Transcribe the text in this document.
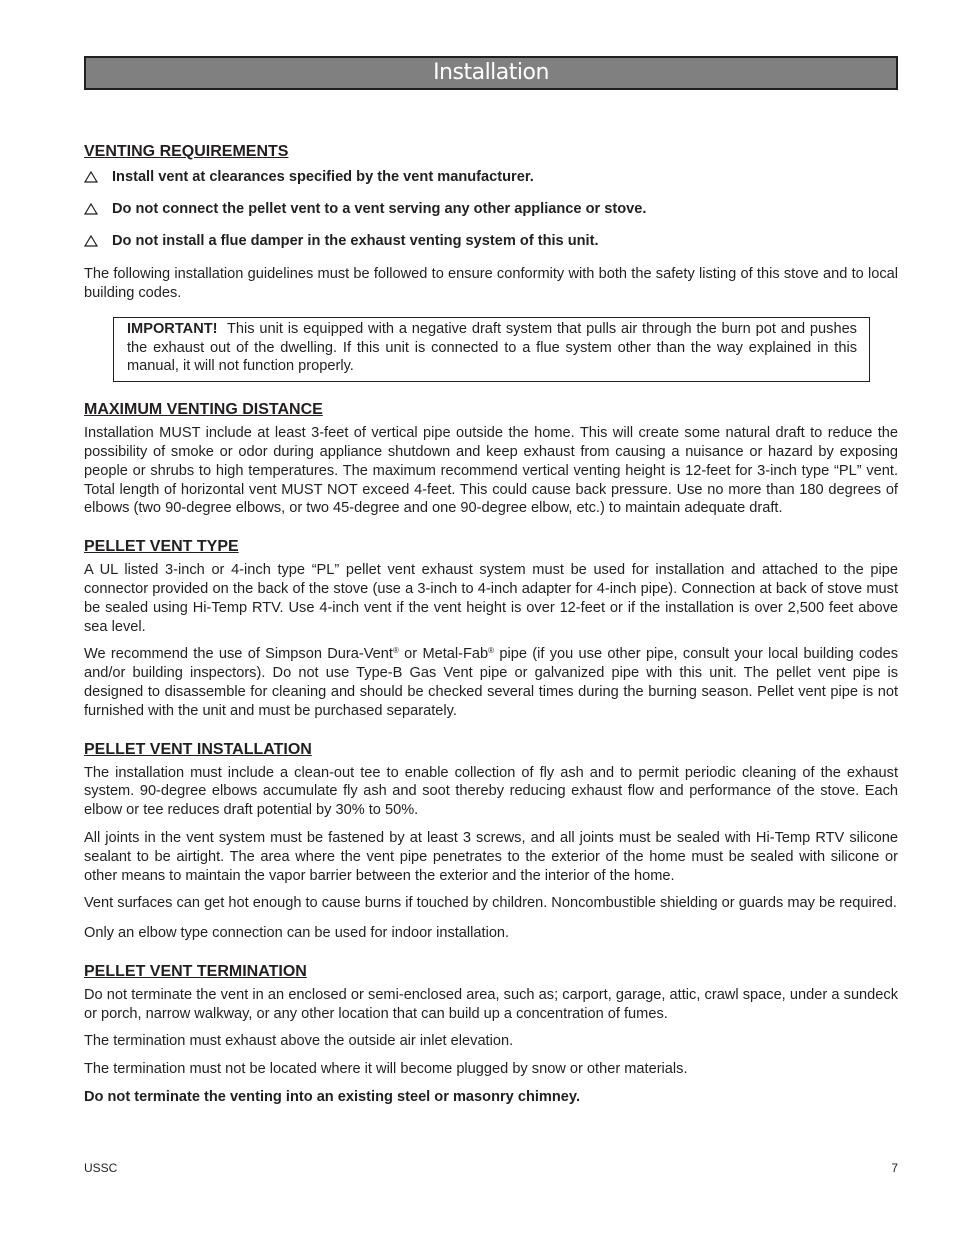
Installation
VENTING REQUIREMENTS
Install vent at clearances specified by the vent manufacturer.
Do not connect the pellet vent to a vent serving any other appliance or stove.
Do not install a flue damper in the exhaust venting system of this unit.

The following installation guidelines must be followed to ensure conformity with both the safety listing of this stove and to local building codes.

IMPORTANT! This unit is equipped with a negative draft system that pulls air through the burn pot and pushes the exhaust out of the dwelling. If this unit is connected to a flue system other than the way explained in this manual, it will not function properly.

MAXIMUM VENTING DISTANCE

Installation MUST include at least 3-feet of vertical pipe outside the home. This will create some natural draft to reduce the possibility of smoke or odor during appliance shutdown and keep exhaust from causing a nuisance or hazard by exposing people or shrubs to high temperatures. The maximum recommend vertical venting height is 12-feet for 3-inch type “PL” vent. Total length of horizontal vent MUST NOT exceed 4-feet. This could cause back pressure. Use no more than 180 degrees of elbows (two 90-degree elbows, or two 45-degree and one 90-degree elbow, etc.) to maintain adequate draft.

PELLET VENT TYPE

A UL listed 3-inch or 4-inch type “PL” pellet vent exhaust system must be used for installation and attached to the pipe connector provided on the back of the stove (use a 3-inch to 4-inch adapter for 4-inch pipe). Connection at back of stove must be sealed using Hi-Temp RTV. Use 4-inch vent if the vent height is over 12-feet or if the installation is over 2,500 feet above sea level.

We recommend the use of Simpson Dura-Vent® or Metal-Fab® pipe (if you use other pipe, consult your local building codes and/or building inspectors). Do not use Type-B Gas Vent pipe or galvanized pipe with this unit. The pellet vent pipe is designed to disassemble for cleaning and should be checked several times during the burning season. Pellet vent pipe is not furnished with the unit and must be purchased separately.

PELLET VENT INSTALLATION

The installation must include a clean-out tee to enable collection of fly ash and to permit periodic cleaning of the exhaust system. 90-degree elbows accumulate fly ash and soot thereby reducing exhaust flow and performance of the stove. Each elbow or tee reduces draft potential by 30% to 50%.

All joints in the vent system must be fastened by at least 3 screws, and all joints must be sealed with Hi-Temp RTV silicone sealant to be airtight. The area where the vent pipe penetrates to the exterior of the home must be sealed with silicone or other means to maintain the vapor barrier between the exterior and the interior of the home.

Vent surfaces can get hot enough to cause burns if touched by children. Noncombustible shielding or guards may be required.

Only an elbow type connection can be used for indoor installation.

PELLET VENT TERMINATION

Do not terminate the vent in an enclosed or semi-enclosed area, such as; carport, garage, attic, crawl space, under a sundeck or porch, narrow walkway, or any other location that can build up a concentration of fumes.

The termination must exhaust above the outside air inlet elevation.

The termination must not be located where it will become plugged by snow or other materials.

Do not terminate the venting into an existing steel or masonry chimney.

USSC	7
